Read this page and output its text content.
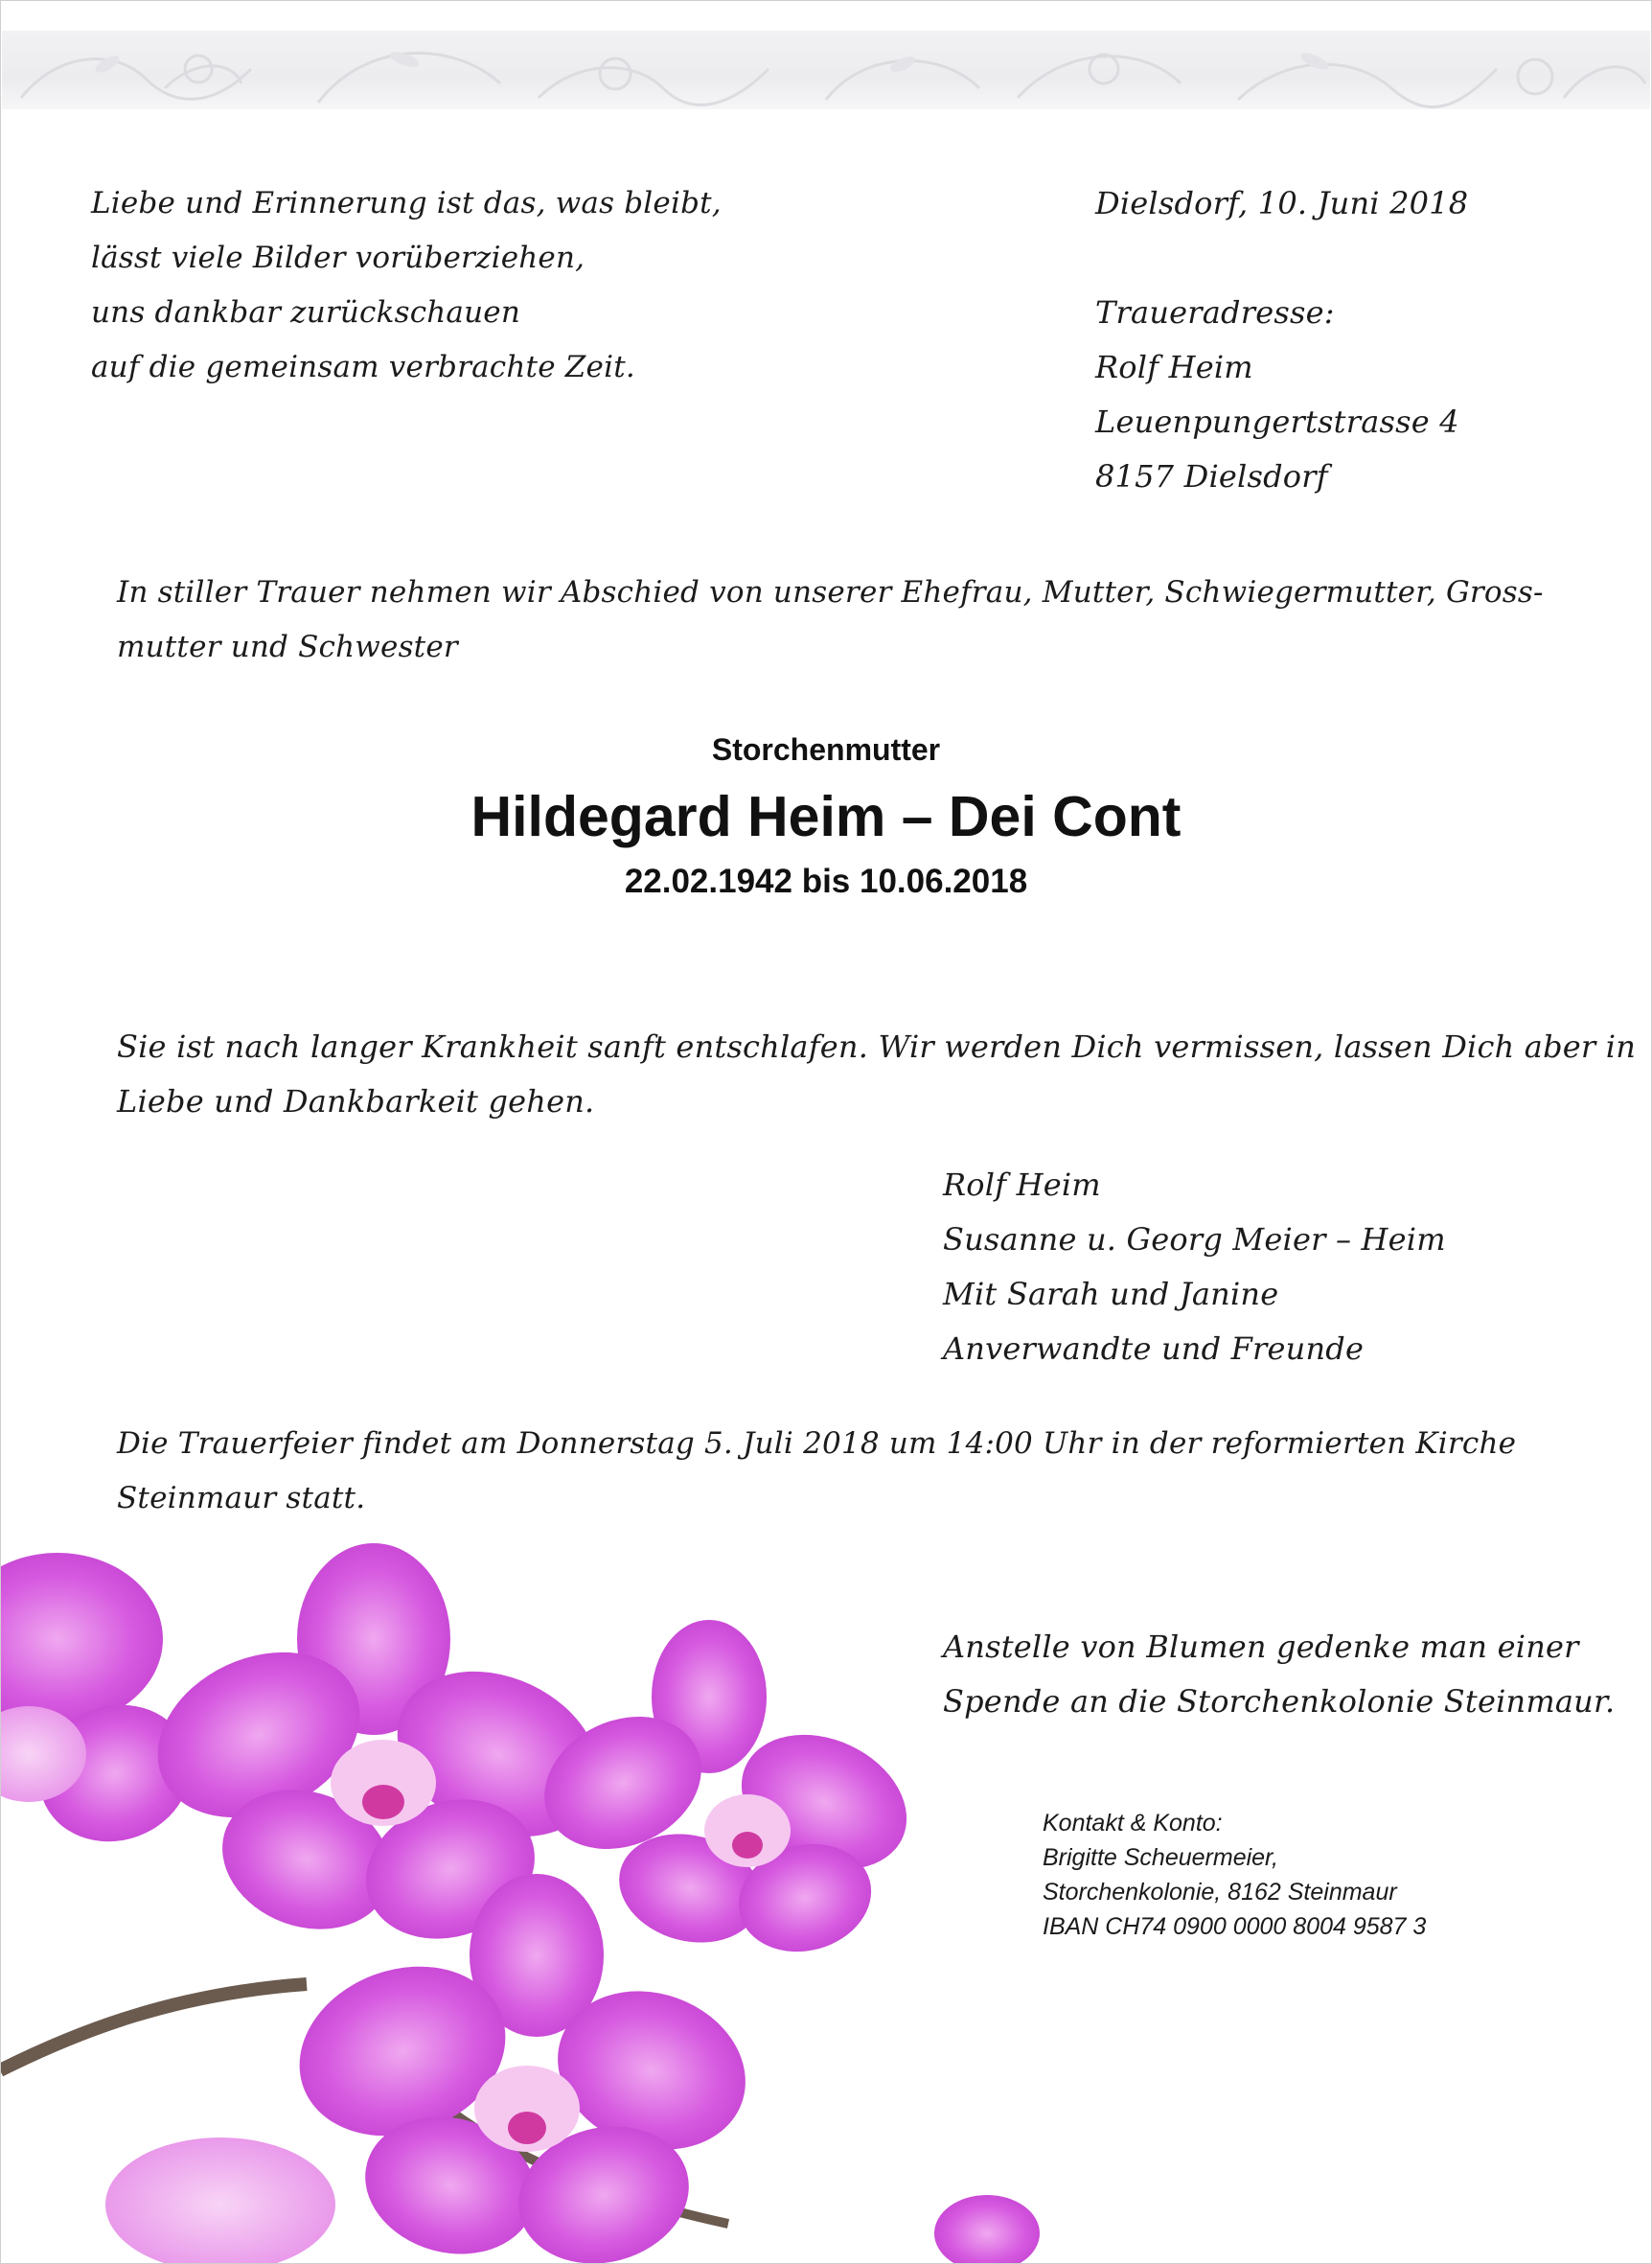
Liebe und Erinnerung ist das, was bleibt,
lässt viele Bilder vorüberziehen,
uns dankbar zurückschauen
auf die gemeinsam verbrachte Zeit.
Dielsdorf, 10. Juni 2018
Traueradresse:
Rolf Heim
Leuenpungertstrasse 4
8157 Dielsdorf
In stiller Trauer nehmen wir Abschied von unserer Ehefrau, Mutter, Schwiegermutter, Gross-
mutter und Schwester
Storchenmutter
Hildegard Heim – Dei Cont
22.02.1942 bis 10.06.2018
Sie ist nach langer Krankheit sanft entschlafen. Wir werden Dich vermissen, lassen Dich aber in
Liebe und Dankbarkeit gehen.
Rolf Heim
Susanne u. Georg Meier – Heim
Mit Sarah und Janine
Anverwandte und Freunde
Die Trauerfeier findet am Donnerstag 5. Juli 2018 um 14:00 Uhr in der reformierten Kirche
Steinmaur statt.
Anstelle von Blumen gedenke man einer
Spende an die Storchenkolonie Steinmaur.
Kontakt & Konto:
Brigitte Scheuermeier,
Storchenkolonie, 8162 Steinmaur
IBAN CH74 0900 0000 8004 9587 3
